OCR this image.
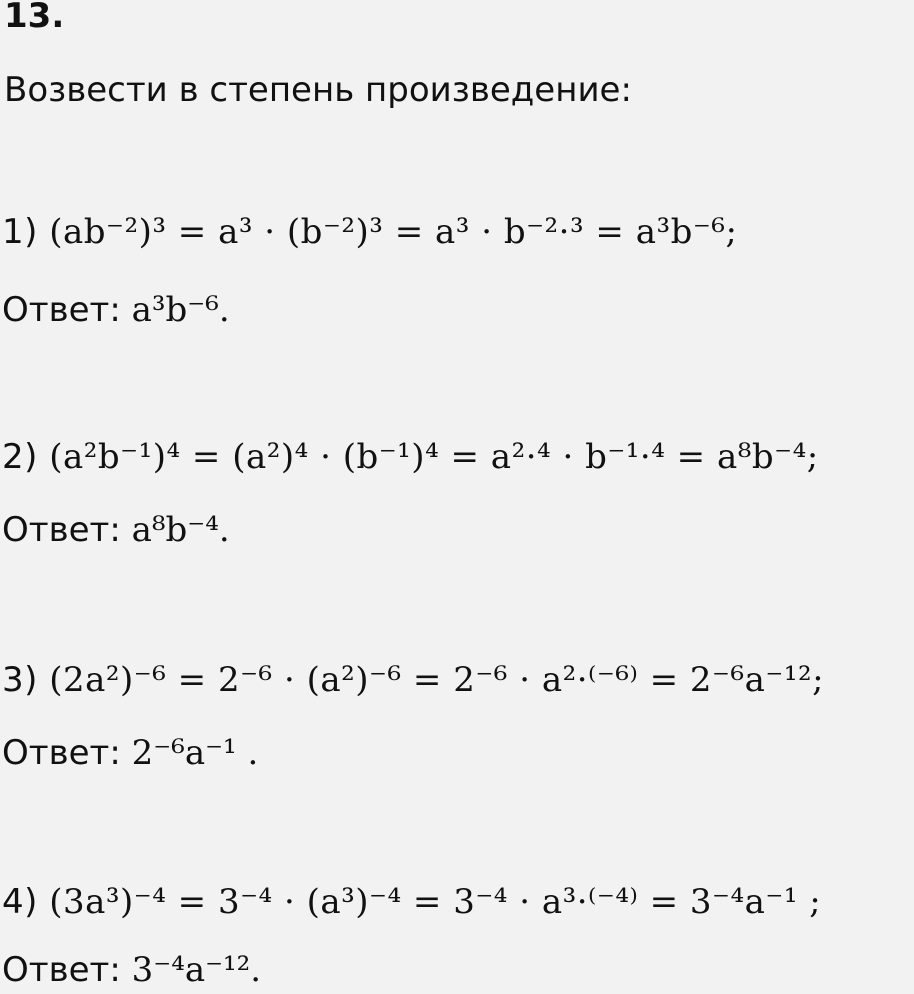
13.
Возвести в степень произведение:
1) (ab⁻²)³ = a³ · (b⁻²)³ = a³ · b⁻²·³ = a³b⁻⁶;
Ответ: a³b⁻⁶.
2) (a²b⁻¹)⁴ = (a²)⁴ · (b⁻¹)⁴ = a²·⁴ · b⁻¹·⁴ = a⁸b⁻⁴;
Ответ: a⁸b⁻⁴.
3) (2a²)⁻⁶ = 2⁻⁶ · (a²)⁻⁶ = 2⁻⁶ · a²·⁽⁻⁶⁾ = 2⁻⁶a⁻¹²;
Ответ: 2⁻⁶a⁻¹ .
4) (3a³)⁻⁴ = 3⁻⁴ · (a³)⁻⁴ = 3⁻⁴ · a³·⁽⁻⁴⁾ = 3⁻⁴a⁻¹ ;
Ответ: 3⁻⁴a⁻¹².
